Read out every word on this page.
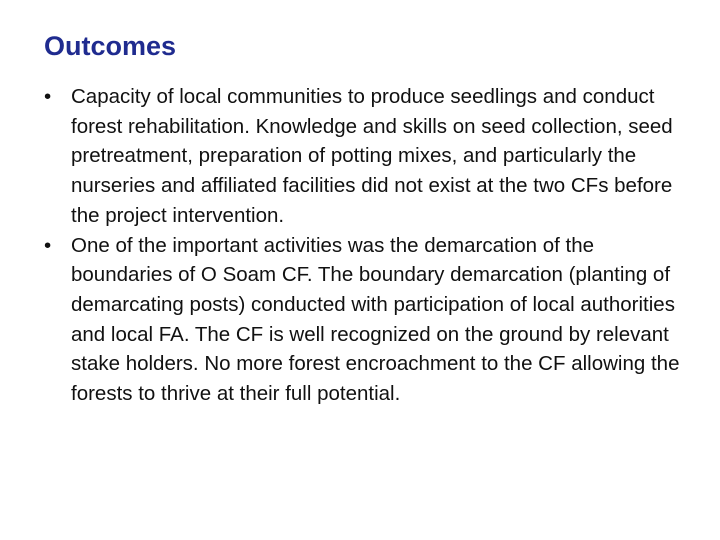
Outcomes
• Capacity of local communities to produce seedlings and conduct forest rehabilitation. Knowledge and skills on seed collection, seed pretreatment, preparation of potting mixes, and particularly the nurseries and affiliated facilities did not exist at the two CFs before the project intervention.
• One of the important activities was the demarcation of the boundaries of O Soam CF. The boundary demarcation (planting of demarcating posts) conducted with participation of local authorities and local FA. The CF is well recognized on the ground by relevant stake holders. No more forest encroachment to the CF allowing the forests to thrive at their full potential.
